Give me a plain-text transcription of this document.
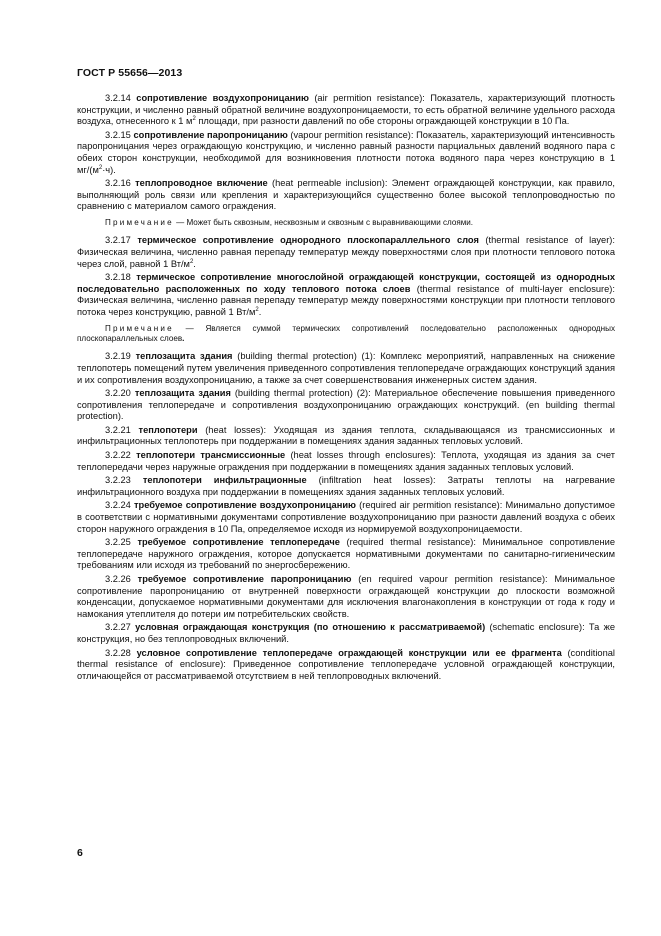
ГОСТ Р 55656—2013

3.2.14 сопротивление воздухопроницанию (air permition resistance): Показатель, характеризующий плотность конструкции, и численно равный обратной величине воздухопроницаемости, то есть обратной величине удельного расхода воздуха, отнесенного к 1 $м^2$ площади, при разности давлений по обе стороны ограждающей конструкции в 10 Па.

3.2.15 сопротивление паропроницанию (vapour permition resistance): Показатель, характеризующий интенсивность паропроницания через ограждающую конструкцию, и численно равный разности парциальных давлений водяного пара с обеих сторон конструкции, необходимой для возникновения плотности потока водяного пара через конструкцию в 1 $мг/(м^2\cdot ч)$.

3.2.16 теплопроводное включение (heat permeable inclusion): Элемент ограждающей конструкции, как правило, выполняющий роль связи или крепления и характеризующийся существенно более высокой теплопроводностью по сравнению с материалом самого ограждения.

Примечание — Может быть сквозным, несквозным и сквозным с выравнивающими слоями.

3.2.17 термическое сопротивление однородного плоскопараллельного слоя (thermal resistance of layer): Физическая величина, численно равная перепаду температур между поверхностями слоя при плотности теплового потока через слой, равной 1 $Вт/м^2$.

3.2.18 термическое сопротивление многослойной ограждающей конструкции, состоящей из однородных последовательно расположенных по ходу теплового потока слоев (thermal resistance of multi-layer enclosure): Физическая величина, численно равная перепаду температур между поверхностями конструкции при плотности теплового потока через конструкцию, равной 1 $Вт/м^2$.

Примечание — Является суммой термических сопротивлений последовательно расположенных однородных плоскопараллельных слоев.

3.2.19 теплозащита здания (building thermal protection) (1): Комплекс мероприятий, направленных на снижение теплопотерь помещений путем увеличения приведенного сопротивления теплопередаче ограждающих конструкций здания и их сопротивления воздухопроницанию, а также за счет совершенствования инженерных систем здания.

3.2.20 теплозащита здания (building thermal protection) (2): Материальное обеспечение повышения приведенного сопротивления теплопередаче и сопротивления воздухопроницанию ограждающих конструкций. (en building thermal protection).

3.2.21 теплопотери (heat losses): Уходящая из здания теплота, складывающаяся из трансмиссионных и инфильтрационных теплопотерь при поддержании в помещениях здания заданных тепловых условий.

3.2.22 теплопотери трансмиссионные (heat losses through enclosures): Теплота, уходящая из здания за счет теплопередачи через наружные ограждения при поддержании в помещениях здания заданных тепловых условий.

3.2.23 теплопотери инфильтрационные (infiltration heat losses): Затраты теплоты на нагревание инфильтрационного воздуха при поддержании в помещениях здания заданных тепловых условий.

3.2.24 требуемое сопротивление воздухопроницанию (required air permition resistance): Минимально допустимое в соответствии с нормативными документами сопротивление воздухопроницанию при разности давлений воздуха с обеих сторон наружного ограждения в 10 Па, определяемое исходя из нормируемой воздухопроницаемости.

3.2.25 требуемое сопротивление теплопередаче (required thermal resistance): Минимальное сопротивление теплопередаче наружного ограждения, которое допускается нормативными документами по санитарно-гигиеническим требованиям или исходя из требований по энергосбережению.

3.2.26 требуемое сопротивление паропроницанию (en required vapour permition resistance): Минимальное сопротивление паропроницанию от внутренней поверхности ограждающей конструкции до плоскости возможной конденсации, допускаемое нормативными документами для исключения влагонакопления в конструкции от года к году и намокания утеплителя до потери им потребительских свойств.

3.2.27 условная ограждающая конструкция (по отношению к рассматриваемой) (schematic enclosure): Та же конструкция, но без теплопроводных включений.

3.2.28 условное сопротивление теплопередаче ограждающей конструкции или ее фрагмента (conditional thermal resistance of enclosure): Приведенное сопротивление теплопередаче условной ограждающей конструкции, отличающейся от рассматриваемой отсутствием в ней теплопроводных включений.

6
